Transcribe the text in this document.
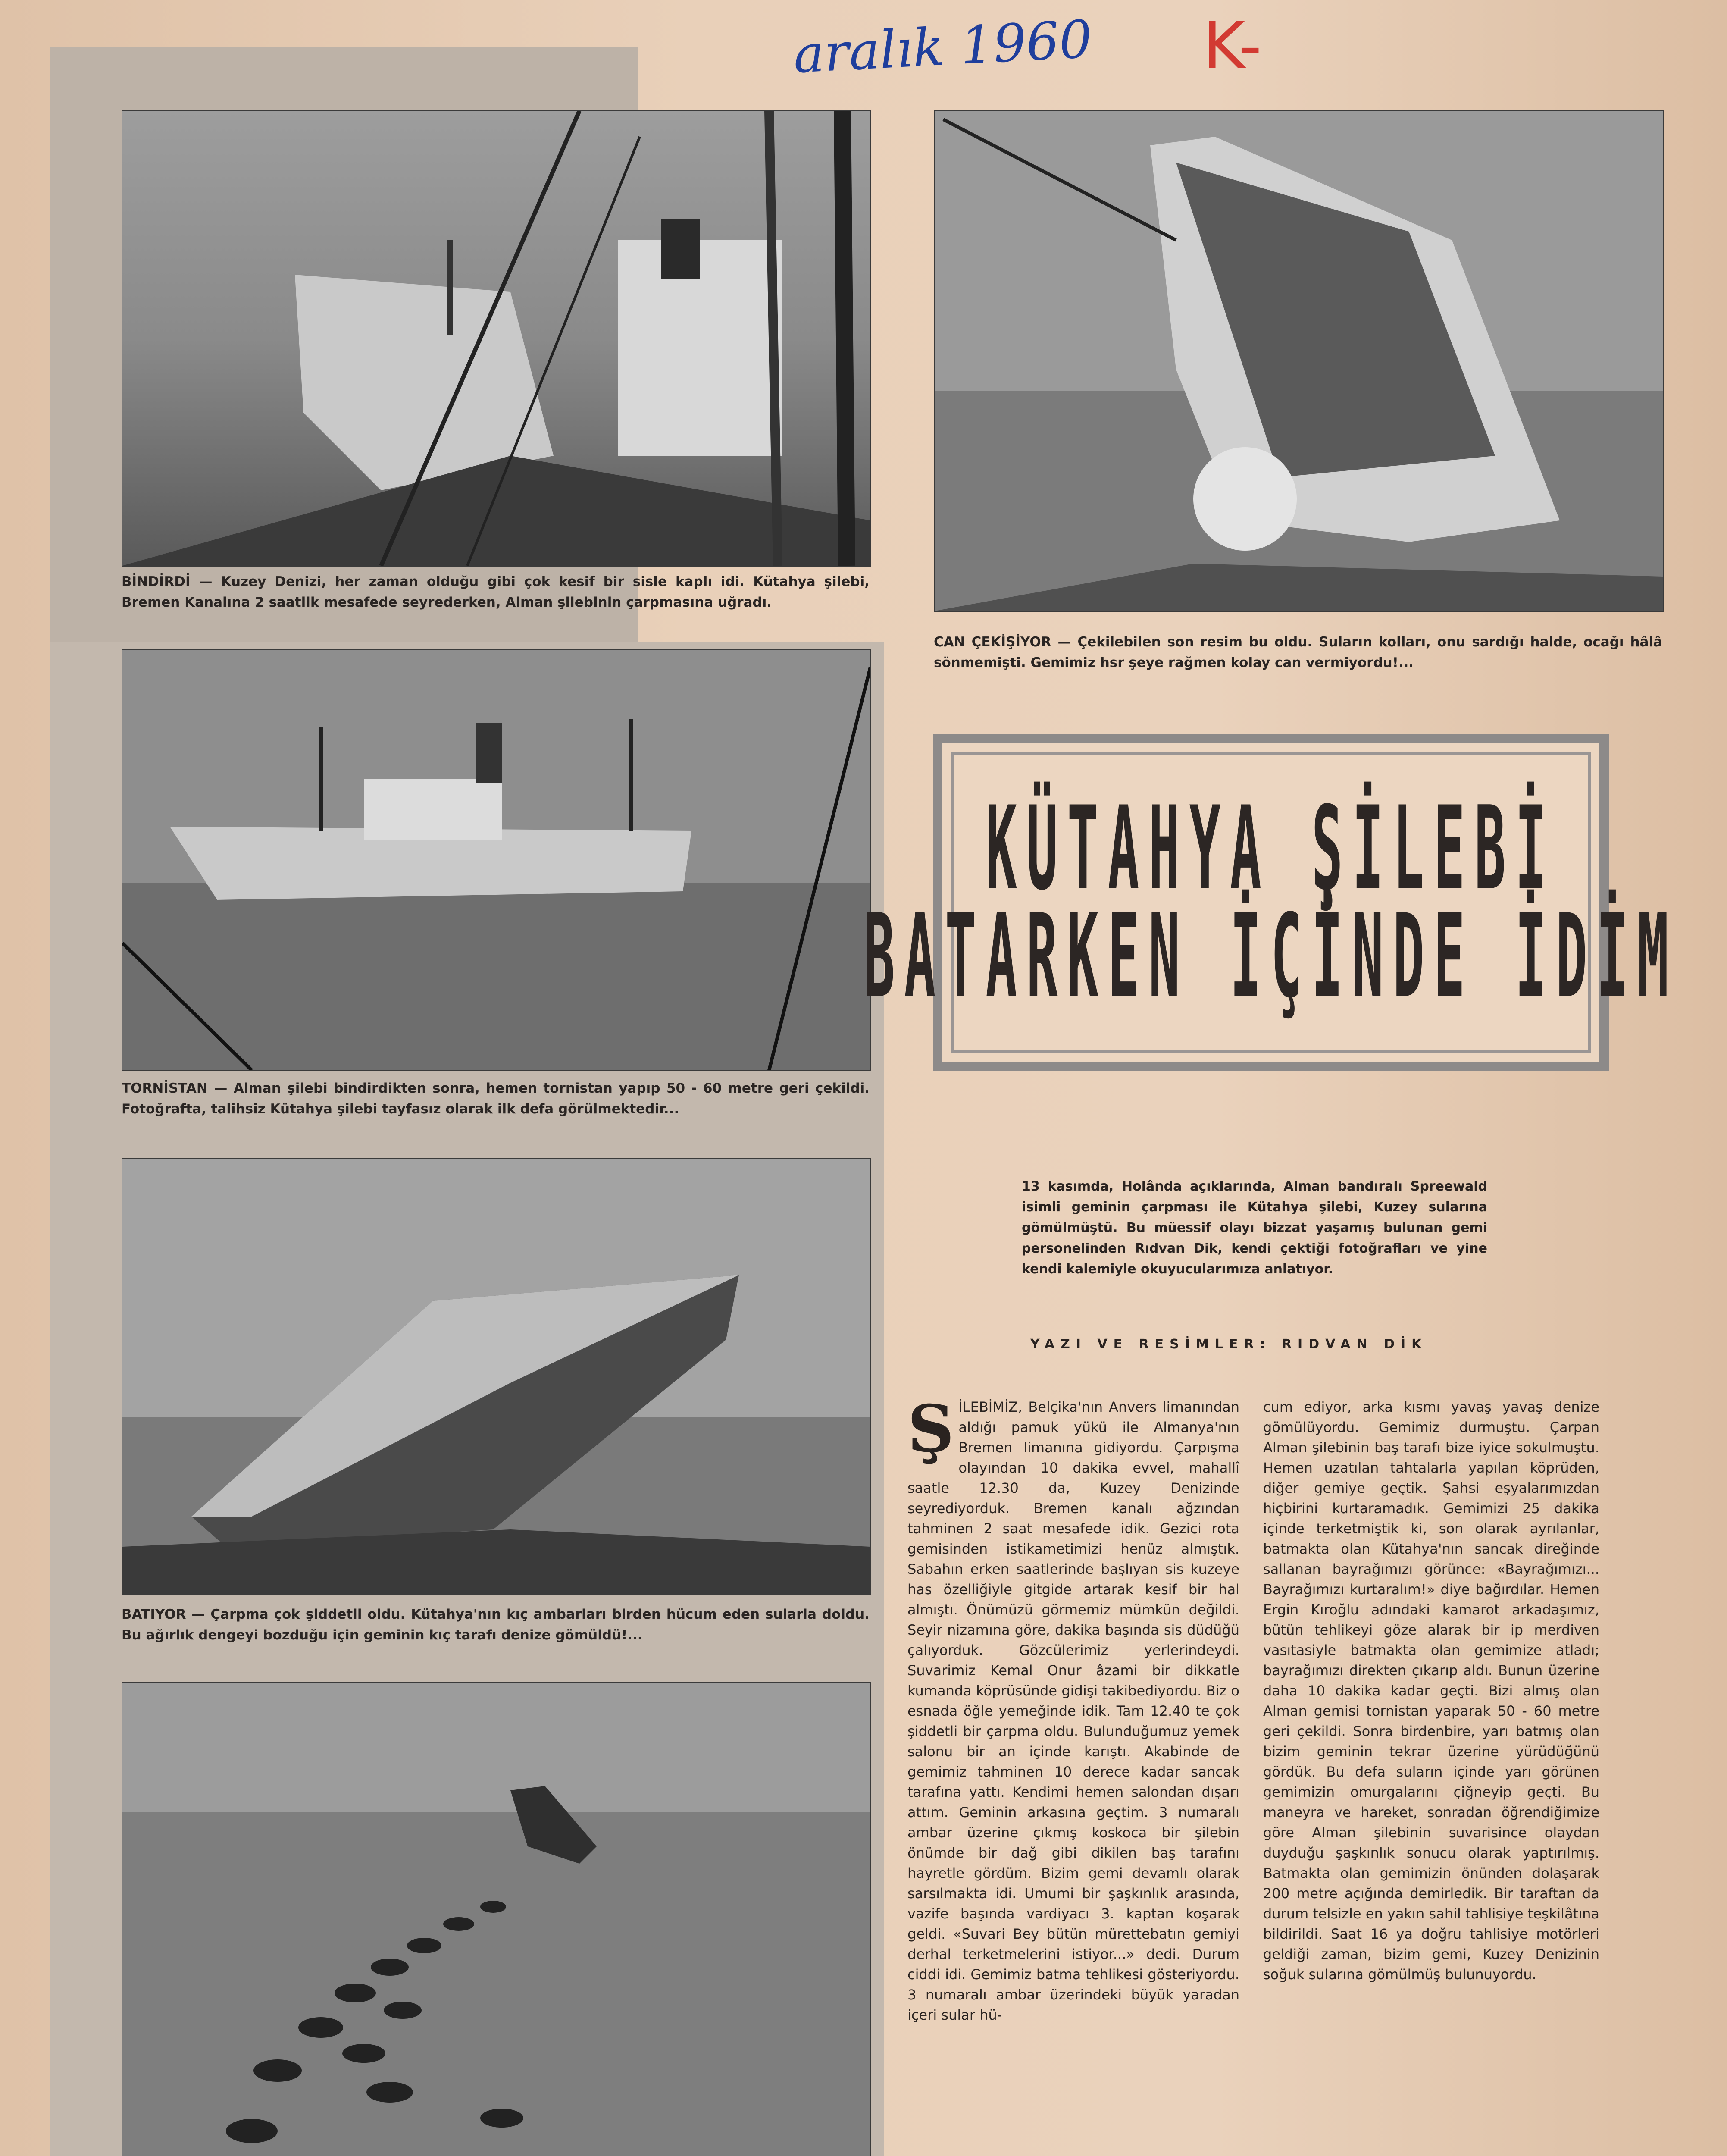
aralık 1960 K-
BİNDİRDİ — Kuzey Denizi, her zaman olduğu gibi çok kesif bir sisle kaplı idi. Kütahya şilebi, Bremen Kanalına 2 saatlik mesafede seyrederken, Alman şilebinin çarpmasına uğradı.
CAN ÇEKİŞİYOR — Çekilebilen son resim bu oldu. Suların kolları, onu sardığı halde, ocağı hâlâ sönmemişti. Gemimiz hsr şeye rağmen kolay can vermiyordu!...
TORNİSTAN — Alman şilebi bindirdikten sonra, hemen tornistan yapıp 50 - 60 metre geri çekildi. Fotoğrafta, talihsiz Kütahya şilebi tayfasız olarak ilk defa görülmektedir...
BATIYOR — Çarpma çok şiddetli oldu. Kütahya'nın kıç ambarları birden hücum eden sularla doldu. Bu ağırlık dengeyi bozduğu için geminin kıç tarafı denize gömüldü!...
KÜTAHYA ŞİLEBİ
BATARKEN İÇİNDE İDİM
13 kasımda, Holânda açıklarında, Alman bandıralı Spreewald isimli geminin çarpması ile Kütahya şilebi, Kuzey sularına gömülmüştü. Bu müessif olayı bizzat yaşamış bulunan gemi personelinden Rıdvan Dik, kendi çektiği fotoğrafları ve yine kendi kalemiyle okuyucularımıza anlatıyor.
YAZI VE RESİMLER: RIDVAN DİK
Ş İLEBİMİZ, Belçika'nın Anvers limanından aldığı pamuk yükü ile Almanya'nın Bremen limanına gidiyordu. Çarpışma olayından 10 dakika evvel, mahallî saatle 12.30 da, Kuzey Denizinde seyrediyorduk. Bremen kanalı ağzından tahminen 2 saat mesafede idik. Gezici rota gemisinden istikametimizi henüz almıştık. Sabahın erken saatlerinde başlıyan sis kuzeye has özelliğiyle gitgide artarak kesif bir hal almıştı. Önümüzü görmemiz mümkün değildi. Seyir nizamına göre, dakika başında sis düdüğü çalıyorduk. Gözcülerimiz yerlerindeydi. Suvarimiz Kemal Onur âzami bir dikkatle kumanda köprüsünde gidişi takibediyordu. Biz o esnada öğle yemeğinde idik. Tam 12.40 te çok şiddetli bir çarpma oldu. Bulunduğumuz yemek salonu bir an içinde karıştı. Akabinde de gemimiz tahminen 10 derece kadar sancak tarafına yattı. Kendimi hemen salondan dışarı attım. Geminin arkasına geçtim. 3 numaralı ambar üzerine çıkmış koskoca bir şilebin önümde bir dağ gibi dikilen baş tarafını hayretle gördüm. Bizim gemi devamlı olarak sarsılmakta idi. Umumi bir şaşkınlık arasında, vazife başında vardiyacı 3. kaptan koşarak geldi. «Suvari Bey bütün mürettebatın gemiyi derhal terketmelerini istiyor...» dedi. Durum ciddi idi. Gemimiz batma tehlikesi gösteriyordu. 3 numaralı ambar üzerindeki büyük yaradan içeri sular hü-

cum ediyor, arka kısmı yavaş yavaş denize gömülüyordu. Gemimiz durmuştu. Çarpan Alman şilebinin baş tarafı bize iyice sokulmuştu. Hemen uzatılan tahtalarla yapılan köprüden, diğer gemiye geçtik. Şahsi eşyalarımızdan hiçbirini kurtaramadık. Gemimizi 25 dakika içinde terketmiştik ki, son olarak ayrılanlar, batmakta olan Kütahya'nın sancak direğinde sallanan bayrağımızı görünce: «Bayrağımızı... Bayrağımızı kurtaralım!» diye bağırdılar. Hemen Ergin Kıroğlu adındaki kamarot arkadaşımız, bütün tehlikeyi göze alarak bir ip merdiven vasıtasiyle batmakta olan gemimize atladı; bayrağımızı direkten çıkarıp aldı. Bunun üzerine daha 10 dakika kadar geçti. Bizi almış olan Alman gemisi tornistan yaparak 50 - 60 metre geri çekildi. Sonra birdenbire, yarı batmış olan bizim geminin tekrar üzerine yürüdüğünü gördük. Bu defa suların içinde yarı görünen gemimizin omurgalarını çiğneyip geçti. Bu maneyra ve hareket, sonradan öğrendiğimize göre Alman şilebinin suvarisince olaydan duyduğu şaşkınlık sonucu olarak yaptırılmış. Batmakta olan gemimizin önünden dolaşarak 200 metre açığında demirledik. Bir taraftan da durum telsizle en yakın sahil tahlisiye teşkilâtına bildirildi. Saat 16 ya doğru tahlisiye motörleri geldiği zaman, bizim gemi, Kuzey Denizinin soğuk sularına gömülmüş bulunuyordu.
